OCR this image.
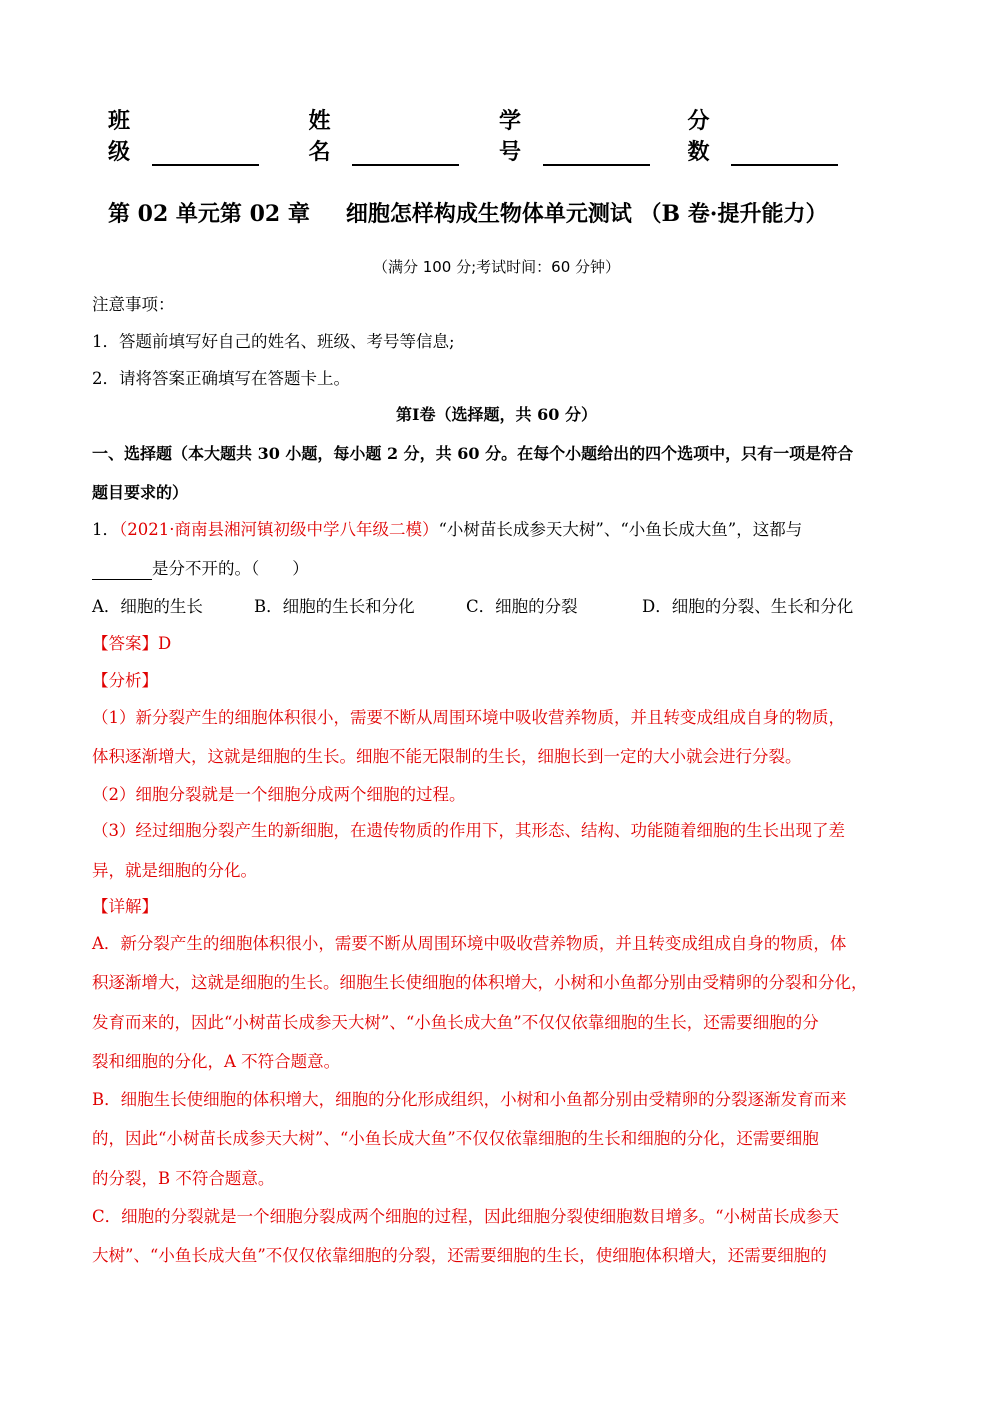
班级
姓名
学号
分数
第 02 单元第 02 章 细胞怎样构成生物体单元测试 （B 卷·提升能力）
（满分 100 分;考试时间：60 分钟）
注意事项：
1．答题前填写好自己的姓名、班级、考号等信息;
2．请将答案正确填写在答题卡上。
第Ⅰ卷（选择题，共 60 分）
一、选择题（本大题共 30 小题，每小题 2 分，共 60 分。在每个小题给出的四个选项中，只有一项是符合
题目要求的）
1．（2021·商南县湘河镇初级中学八年级二模）“小树苗长成参天大树”、“小鱼长成大鱼”，这都与
是分不开的。（　　）
A．细胞的生长	B．细胞的生长和分化	C．细胞的分裂	D．细胞的分裂、生长和分化
【答案】D
【分析】
（1）新分裂产生的细胞体积很小，需要不断从周围环境中吸收营养物质，并且转变成组成自身的物质，
体积逐渐增大，这就是细胞的生长。细胞不能无限制的生长，细胞长到一定的大小就会进行分裂。
（2）细胞分裂就是一个细胞分成两个细胞的过程。
（3）经过细胞分裂产生的新细胞，在遗传物质的作用下，其形态、结构、功能随着细胞的生长出现了差
异，就是细胞的分化。
【详解】
A．新分裂产生的细胞体积很小，需要不断从周围环境中吸收营养物质，并且转变成组成自身的物质，体
积逐渐增大，这就是细胞的生长。细胞生长使细胞的体积增大，小树和小鱼都分别由受精卵的分裂和分化，
发育而来的，因此“小树苗长成参天大树”、“小鱼长成大鱼”不仅仅依靠细胞的生长，还需要细胞的分
裂和细胞的分化，A 不符合题意。
B．细胞生长使细胞的体积增大，细胞的分化形成组织，小树和小鱼都分别由受精卵的分裂逐渐发育而来
的，因此“小树苗长成参天大树”、“小鱼长成大鱼”不仅仅依靠细胞的生长和细胞的分化，还需要细胞
的分裂，B 不符合题意。
C．细胞的分裂就是一个细胞分裂成两个细胞的过程，因此细胞分裂使细胞数目增多。“小树苗长成参天
大树”、“小鱼长成大鱼”不仅仅依靠细胞的分裂，还需要细胞的生长，使细胞体积增大，还需要细胞的
